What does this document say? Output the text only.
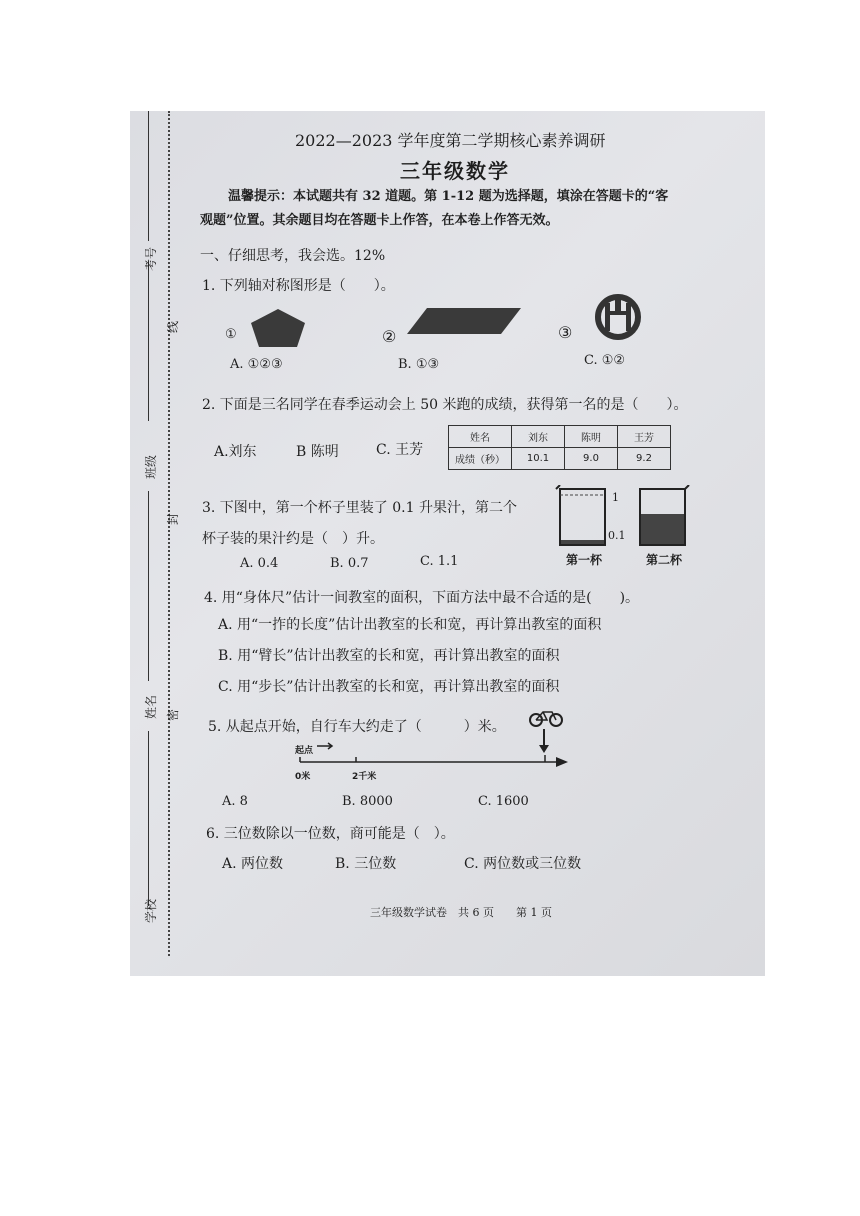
考号
线
班级
封
姓名 密
学校
2022—2023 学年度第二学期核心素养调研
三年级数学
温馨提示：本试题共有 32 道题。第 1-12 题为选择题，填涂在答题卡的“客
观题”位置。其余题目均在答题卡上作答，在本卷上作答无效。
一、仔细思考，我会选。12%
1. 下列轴对称图形是（　　）。
①	②	③
A. ①②③	B. ①③	C. ①②
2. 下面是三名同学在春季运动会上 50 米跑的成绩，获得第一名的是（　　）。
A.刘东	B 陈明	C. 王芳
姓名	刘东	陈明	王芳
成绩（秒）	10.1	9.0	9.2
3. 下图中，第一个杯子里装了 0.1 升果汁，第二个
杯子装的果汁约是（　）升。
A. 0.4	B. 0.7	C. 1.1
1
0.1
第一杯	第二杯
4. 用“身体尺”估计一间教室的面积，下面方法中最不合适的是(　　)。
A. 用“一拃的长度”估计出教室的长和宽，再计算出教室的面积
B. 用“臂长”估计出教室的长和宽，再计算出教室的面积
C. 用“步长”估计出教室的长和宽，再计算出教室的面积
5. 从起点开始，自行车大约走了（　　　）米。
起点
0米	2千米
A. 8	B. 8000	C. 1600
6. 三位数除以一位数，商可能是（　）。
A. 两位数	B. 三位数	C. 两位数或三位数
三年级数学试卷　共 6 页　　第 1 页
